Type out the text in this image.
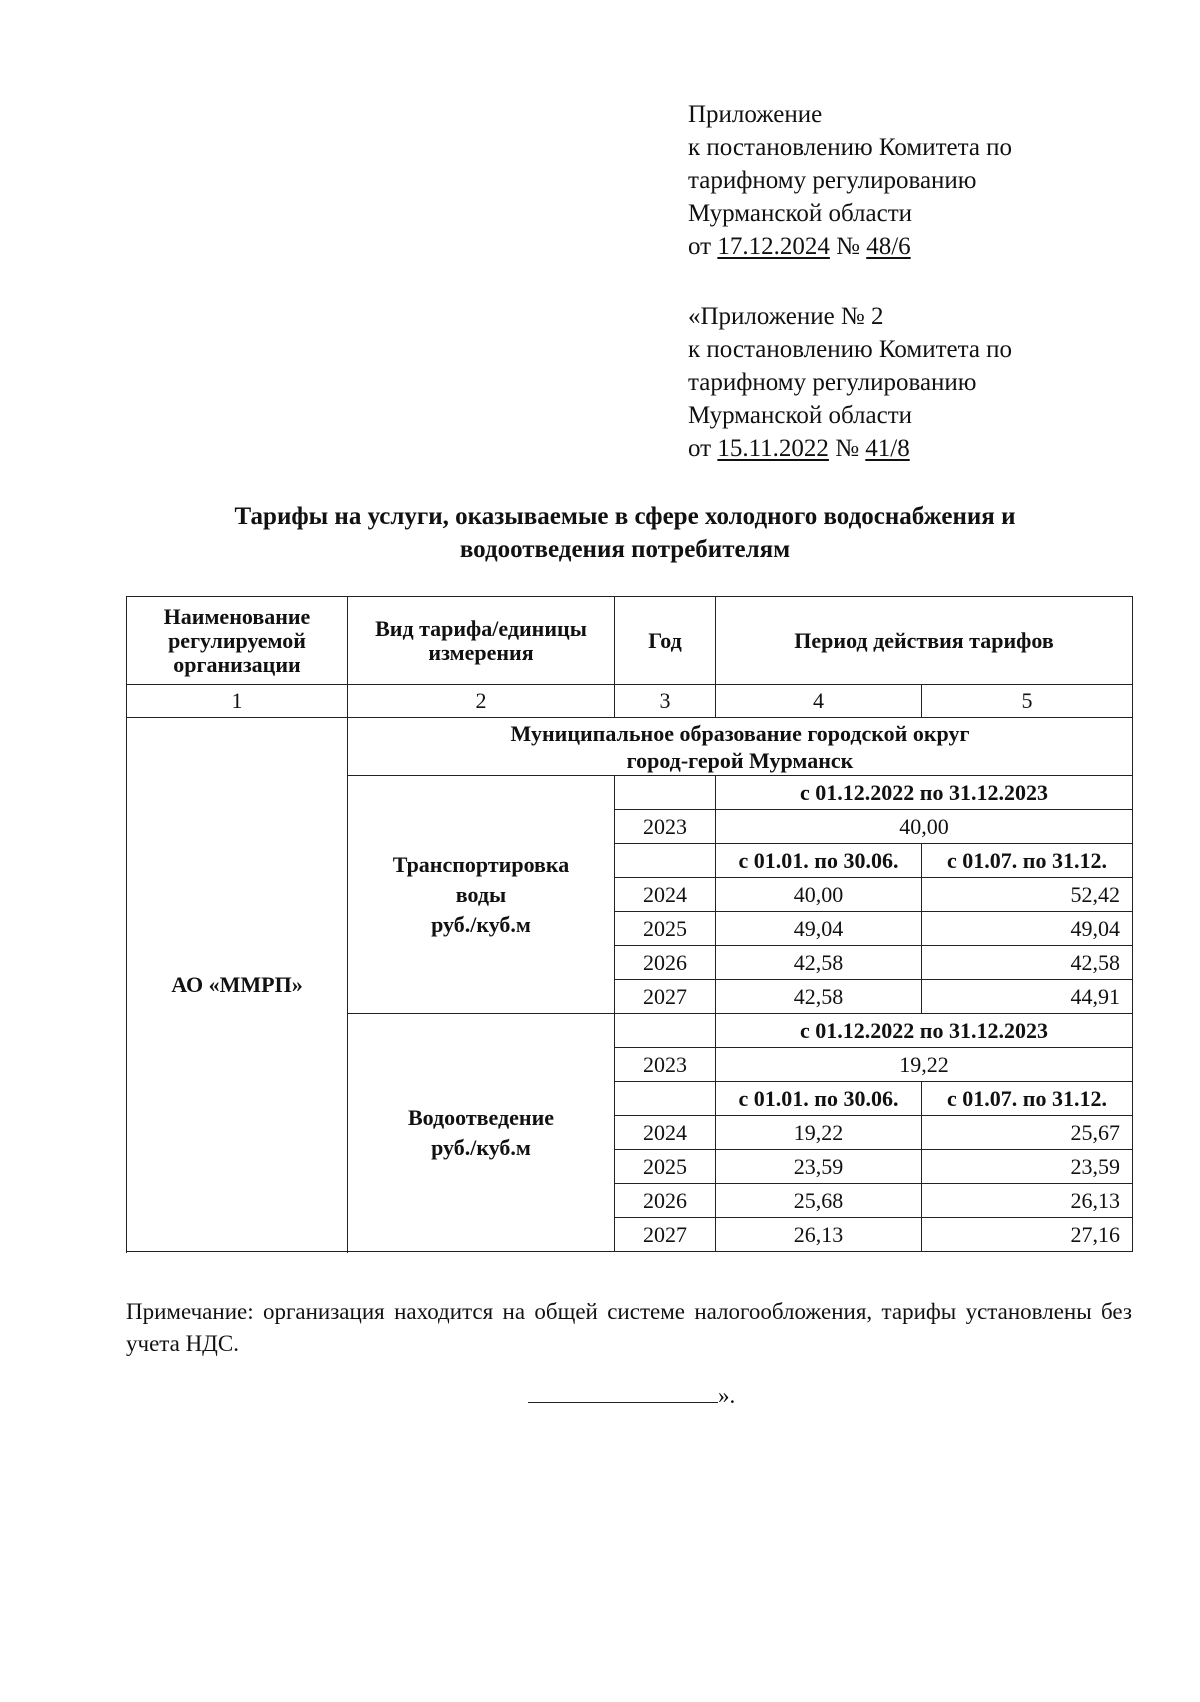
Приложение
к постановлению Комитета по
тарифному регулированию
Мурманской области
от 17.12.2024 № 48/6
«Приложение № 2
к постановлению Комитета по
тарифному регулированию
Мурманской области
от 15.11.2022 № 41/8
Тарифы на услуги, оказываемые в сфере холодного водоснабжения и
водоотведения потребителям
Наименование регулируемой организации	Вид тарифа/единицы измерения	Год	Период действия тарифов	
1	2	3	4	5
АО «ММРП»	Муниципальное образование городской округ
город-герой Мурманск			

	Транспортировка
воды
руб./куб.м		с 01.12.2022 по 31.12.2023	
		2023	40,00	
			с 01.01. по 30.06.	с 01.07. по 31.12.
		2024	40,00	52,42
		2025	49,04	49,04
		2026	42,58	42,58
		2027	42,58	44,91

	Водоотведение
руб./куб.м		с 01.12.2022 по 31.12.2023	
		2023	19,22	
			с 01.01. по 30.06.	с 01.07. по 31.12.
		2024	19,22	25,67
		2025	23,59	23,59
		2026	25,68	26,13
		2027	26,13	27,16

Примечание: организация находится на общей системе налогообложения, тарифы установлены без учета НДС.
».
